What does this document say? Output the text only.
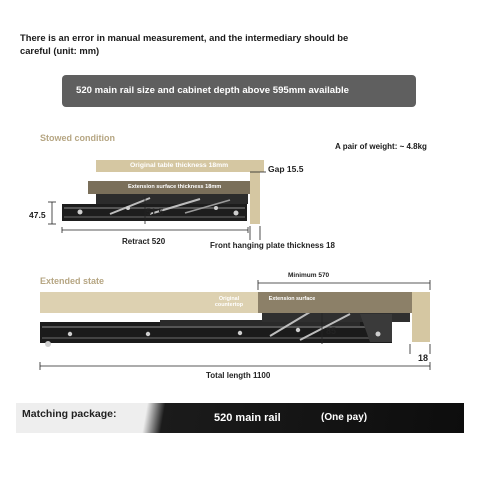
There is an error in manual measurement, and the intermediary should be careful (unit: mm)
520 main rail size and cabinet depth above 595mm available
Stowed condition
A pair of weight: ~ 4.8kg
Original table thickness 18mm
Extension surface thickness 18mm
Gap 15.5
47.5	51.5
Retract 520	Front hanging plate thickness 18
Extended state
Minimum 570
Original countertop
Extension surface
85
18
Total length 1100
Matching package:	520 main rail	(One pay)
